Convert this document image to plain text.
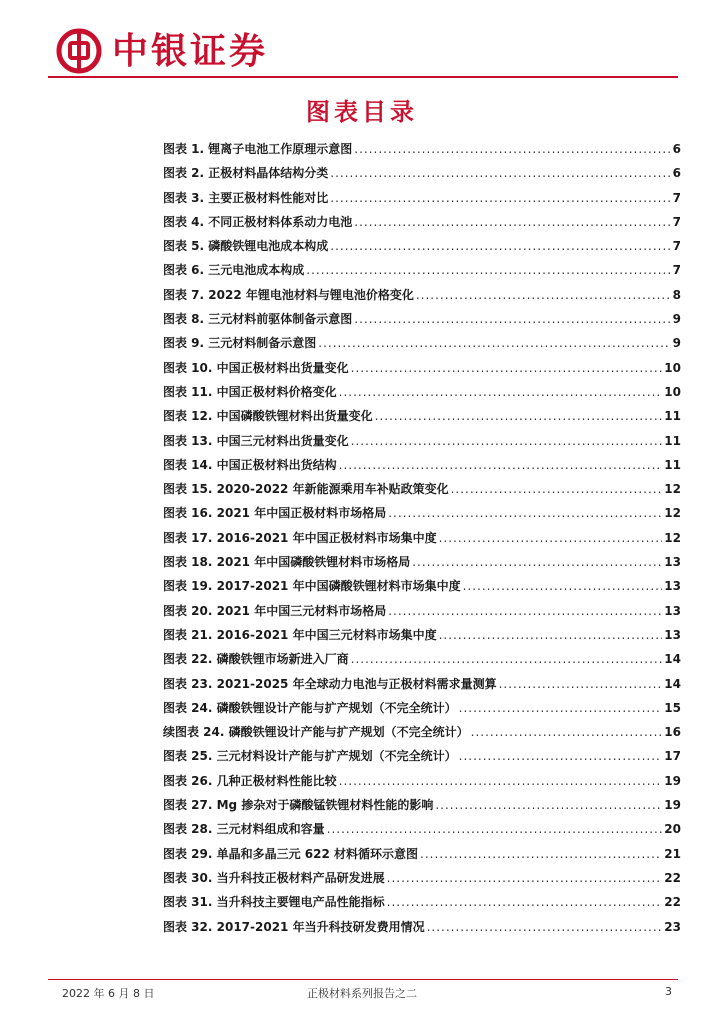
中银证券
图表目录
图表 1. 锂离子电池工作原理示意图 .....	6
图表 2. 正极材料晶体结构分类 .....	6
图表 3. 主要正极材料性能对比 .....	7
图表 4. 不同正极材料体系动力电池 .....	7
图表 5. 磷酸铁锂电池成本构成 .....	7
图表 6. 三元电池成本构成 .....	7
图表 7. 2022 年锂电池材料与锂电池价格变化 .....	8
图表 8. 三元材料前驱体制备示意图 .....	9
图表 9. 三元材料制备示意图 .....	9
图表 10. 中国正极材料出货量变化 .....	10
图表 11. 中国正极材料价格变化 .....	10
图表 12. 中国磷酸铁锂材料出货量变化 .....	11
图表 13. 中国三元材料出货量变化 .....	11
图表 14. 中国正极材料出货结构 .....	11
图表 15. 2020-2022 年新能源乘用车补贴政策变化 .....	12
图表 16. 2021 年中国正极材料市场格局 .....	12
图表 17. 2016-2021 年中国正极材料市场集中度 .....	12
图表 18. 2021 年中国磷酸铁锂材料市场格局 .....	13
图表 19. 2017-2021 年中国磷酸铁锂材料市场集中度 .....	13
图表 20. 2021 年中国三元材料市场格局 .....	13
图表 21. 2016-2021 年中国三元材料市场集中度 .....	13
图表 22. 磷酸铁锂市场新进入厂商 .....	14
图表 23. 2021-2025 年全球动力电池与正极材料需求量测算 .....	14
图表 24. 磷酸铁锂设计产能与扩产规划（不完全统计） .....	15
续图表 24. 磷酸铁锂设计产能与扩产规划（不完全统计） .....	16
图表 25. 三元材料设计产能与扩产规划（不完全统计） .....	17
图表 26. 几种正极材料性能比较 .....	19
图表 27. Mg 掺杂对于磷酸锰铁锂材料性能的影响 .....	19
图表 28. 三元材料组成和容量 .....	20
图表 29. 单晶和多晶三元 622 材料循环示意图 .....	21
图表 30. 当升科技正极材料产品研发进展 .....	22
图表 31. 当升科技主要锂电产品性能指标 .....	22
图表 32. 2017-2021 年当升科技研发费用情况 .....	23
2022 年 6 月 8 日	正极材料系列报告之二	3
